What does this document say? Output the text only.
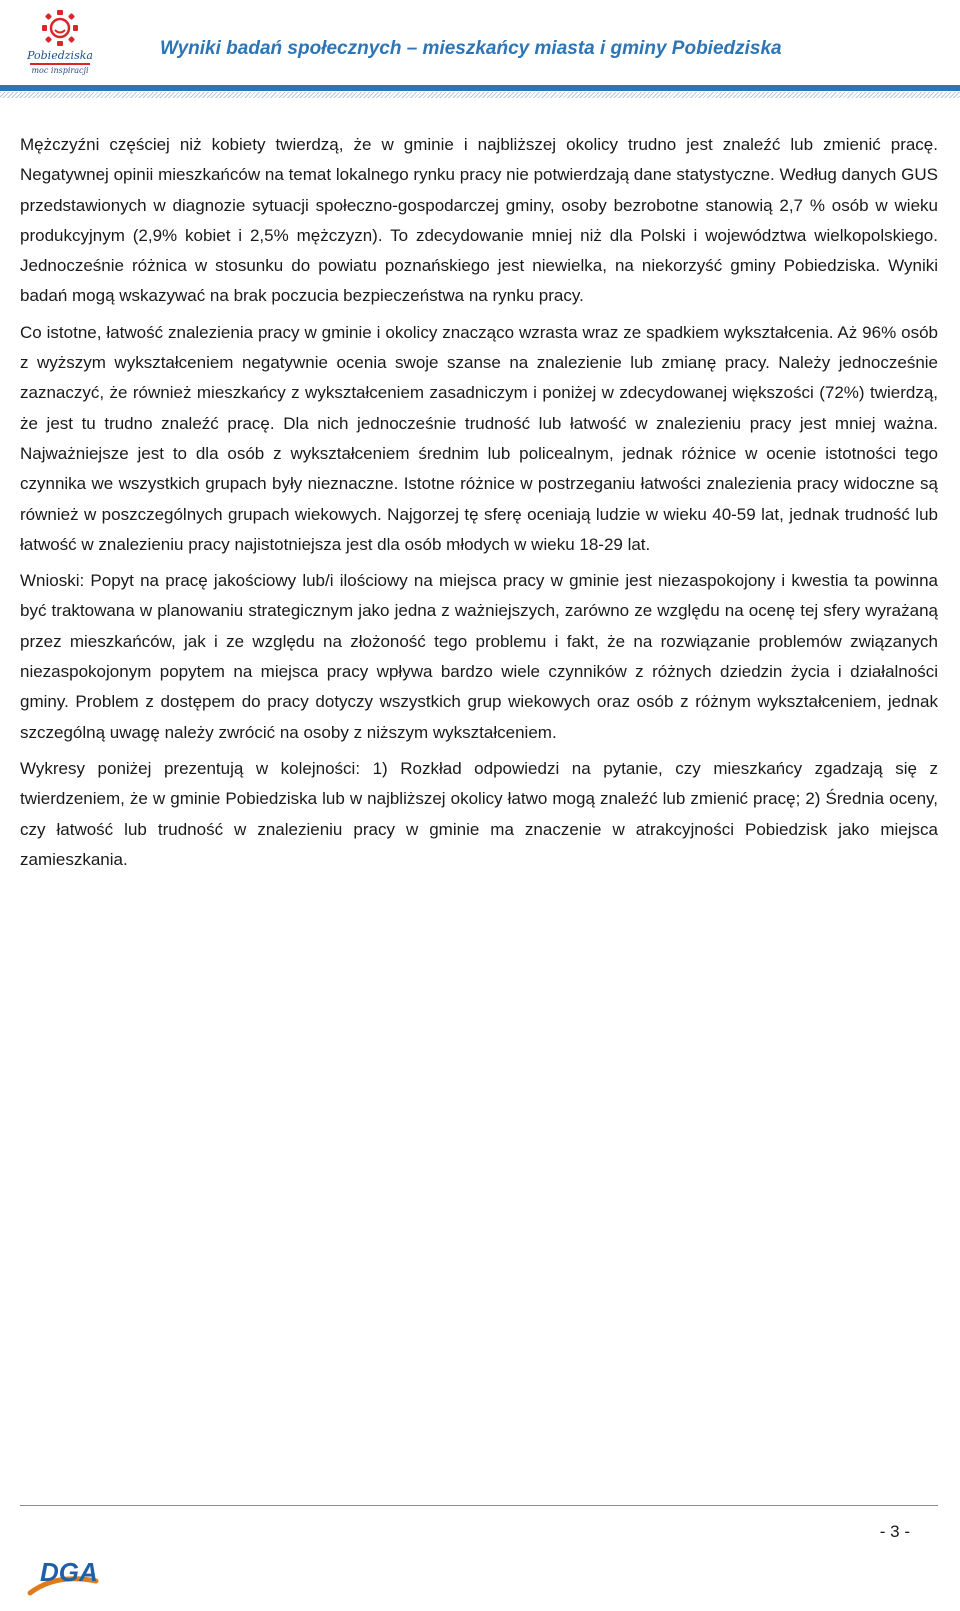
Pobiedziska
moc inspiracji
Wyniki badań społecznych – mieszkańcy miasta i gminy Pobiedziska

Mężczyźni częściej niż kobiety twierdzą, że w gminie i najbliższej okolicy trudno jest znaleźć lub zmienić pracę. Negatywnej opinii mieszkańców na temat lokalnego rynku pracy nie potwierdzają dane statystyczne. Według danych GUS przedstawionych w diagnozie sytuacji społeczno-gospodarczej gminy, osoby bezrobotne stanowią 2,7 % osób w wieku produkcyjnym (2,9% kobiet i 2,5% mężczyzn). To zdecydowanie mniej niż dla Polski i województwa wielkopolskiego. Jednocześnie różnica w stosunku do powiatu poznańskiego jest niewielka, na niekorzyść gminy Pobiedziska. Wyniki badań mogą wskazywać na brak poczucia bezpieczeństwa na rynku pracy.

Co istotne, łatwość znalezienia pracy w gminie i okolicy znacząco wzrasta wraz ze spadkiem wykształcenia. Aż 96% osób z wyższym wykształceniem negatywnie ocenia swoje szanse na znalezienie lub zmianę pracy. Należy jednocześnie zaznaczyć, że również mieszkańcy z wykształceniem zasadniczym i poniżej w zdecydowanej większości (72%) twierdzą, że jest tu trudno znaleźć pracę. Dla nich jednocześnie trudność lub łatwość w znalezieniu pracy jest mniej ważna. Najważniejsze jest to dla osób z wykształceniem średnim lub policealnym, jednak różnice w ocenie istotności tego czynnika we wszystkich grupach były nieznaczne. Istotne różnice w postrzeganiu łatwości znalezienia pracy widoczne są również w poszczególnych grupach wiekowych. Najgorzej tę sferę oceniają ludzie w wieku 40-59 lat, jednak trudność lub łatwość w znalezieniu pracy najistotniejsza jest dla osób młodych w wieku 18-29 lat.

Wnioski: Popyt na pracę jakościowy lub/i ilościowy na miejsca pracy w gminie jest niezaspokojony i kwestia ta powinna być traktowana w planowaniu strategicznym jako jedna z ważniejszych, zarówno ze względu na ocenę tej sfery wyrażaną przez mieszkańców, jak i ze względu na złożoność tego problemu i fakt, że na rozwiązanie problemów związanych niezaspokojonym popytem na miejsca pracy wpływa bardzo wiele czynników z różnych dziedzin życia i działalności gminy. Problem z dostępem do pracy dotyczy wszystkich grup wiekowych oraz osób z różnym wykształceniem, jednak szczególną uwagę należy zwrócić na osoby z niższym wykształceniem.

Wykresy poniżej prezentują w kolejności: 1) Rozkład odpowiedzi na pytanie, czy mieszkańcy zgadzają się z twierdzeniem, że w gminie Pobiedziska lub w najbliższej okolicy łatwo mogą znaleźć lub zmienić pracę; 2) Średnia oceny, czy łatwość lub trudność w znalezieniu pracy w gminie ma znaczenie w atrakcyjności Pobiedzisk jako miejsca zamieszkania.

- 3 -
DGA
